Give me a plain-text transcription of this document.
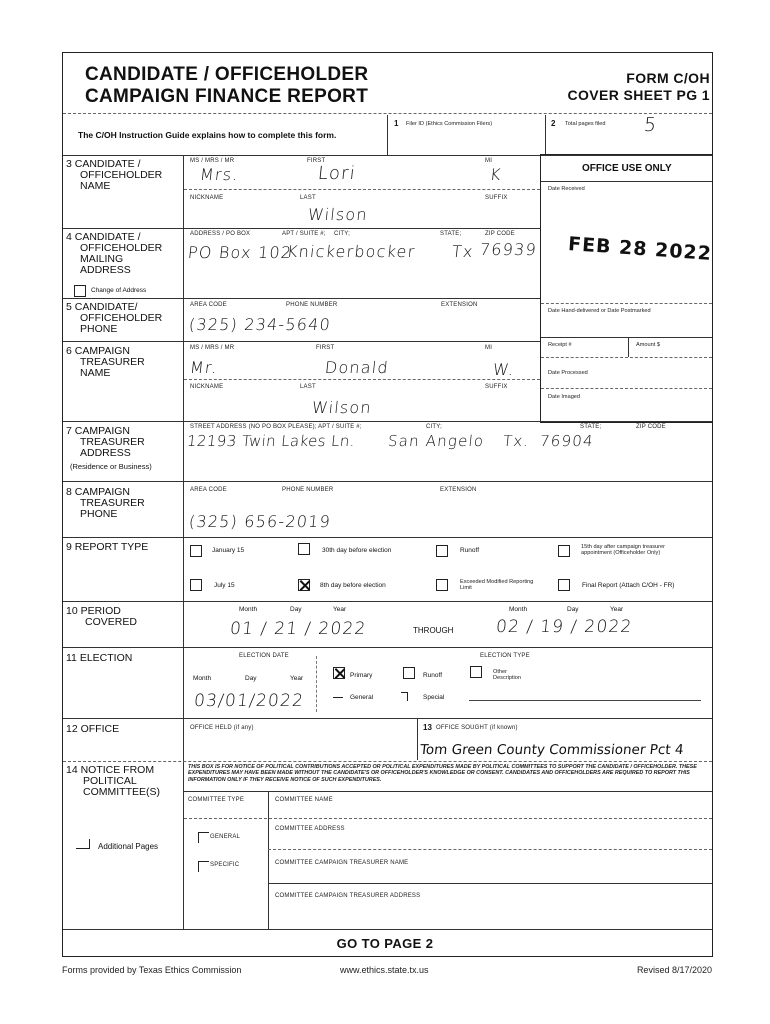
CANDIDATE / OFFICEHOLDER
CAMPAIGN FINANCE REPORT
FORM C/OH
COVER SHEET PG 1
The C/OH Instruction Guide explains how to complete this form.
1 Filer ID (Ethics Commission Filers)	2 Total pages filed 5
OFFICE USE ONLY
Date Received
FEB 28 2022
Date Hand-delivered or Date Postmarked
Receipt #	Amount $
Date Processed
Date Imaged
3 CANDIDATE /
OFFICEHOLDER
NAME
MS / MRS / MR	FIRST	MI
Mrs.	Lori	K
NICKNAME	LAST	SUFFIX
Wilson
4 CANDIDATE /
OFFICEHOLDER
MAILING
ADDRESS
Change of Address
ADDRESS / PO BOX	APT / SUITE #; CITY;	STATE;	ZIP CODE
PO Box 102
Knickerbocker Tx 76939
5 CANDIDATE/
OFFICEHOLDER
PHONE
AREA CODE	PHONE NUMBER	EXTENSION
(325) 234-5640
6 CAMPAIGN
TREASURER
NAME
MS / MRS / MR	FIRST	MI
Mr.	Donald	W.
NICKNAME	LAST	SUFFIX
Wilson
7 CAMPAIGN
TREASURER
ADDRESS
(Residence or Business)
STREET ADDRESS (NO PO BOX PLEASE); APT / SUITE #;	CITY;	STATE;	ZIP CODE
12193 Twin Lakes Ln. San Angelo Tx. 76904
8 CAMPAIGN
TREASURER
PHONE
AREA CODE	PHONE NUMBER	EXTENSION
(325) 656-2019
9 REPORT TYPE	January 15	30th day before election	Runoff	15th day after campaign treasurer appointment (Officeholder Only)
July 15	8th day before election	Exceeded Modified Reporting Limit	Final Report (Attach C/OH - FR)
10 PERIOD
COVERED
Month	Day	Year	Month	Day	Year
01 / 21 / 2022	THROUGH 02 / 19 / 2022
11 ELECTION	ELECTION DATE	ELECTION TYPE
Month	Day	Year	Primary	Runoff	Other
Description
03/01/2022	General	Special
12 OFFICE	OFFICE HELD (if any)	13 OFFICE SOUGHT (if known)
Tom Green County Commissioner Pct 4
14 NOTICE FROM
POLITICAL
COMMITTEE(S)
Additional Pages
THIS BOX IS FOR NOTICE OF POLITICAL CONTRIBUTIONS ACCEPTED OR POLITICAL EXPENDITURES MADE BY POLITICAL COMMITTEES TO SUPPORT THE CANDIDATE / OFFICEHOLDER. THESE EXPENDITURES MAY HAVE BEEN MADE WITHOUT THE CANDIDATE'S OR OFFICEHOLDER'S KNOWLEDGE OR CONSENT. CANDIDATES AND OFFICEHOLDERS ARE REQUIRED TO REPORT THIS INFORMATION ONLY IF THEY RECEIVE NOTICE OF SUCH EXPENDITURES.
COMMITTEE TYPE	COMMITTEE NAME
GENERAL
COMMITTEE ADDRESS
SPECIFIC	COMMITTEE CAMPAIGN TREASURER NAME
COMMITTEE CAMPAIGN TREASURER ADDRESS
GO TO PAGE 2
Forms provided by Texas Ethics Commission	www.ethics.state.tx.us	Revised 8/17/2020
